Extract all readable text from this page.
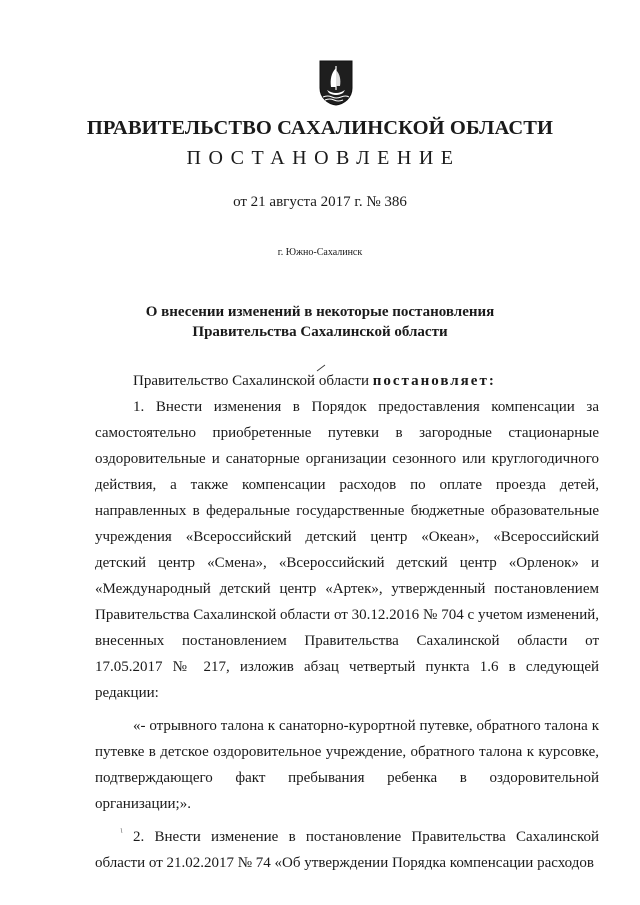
ПРАВИТЕЛЬСТВО САХАЛИНСКОЙ ОБЛАСТИ
ПОСТАНОВЛЕНИЕ
от 21 августа 2017 г. № 386
г. Южно-Сахалинск
О внесении изменений в некоторые постановления
Правительства Сахалинской области

Правительство Сахалинской области постановляет:

1. Внести изменения в Порядок предоставления компенсации за самостоятельно приобретенные путевки в загородные стационарные оздоровительные и санаторные организации сезонного или круглогодичного действия, а также компенсации расходов по оплате проезда детей, направленных в федеральные государственные бюджетные образовательные учреждения «Всероссийский детский центр «Океан», «Всероссийский детский центр «Смена», «Всероссийский детский центр «Орленок» и «Международный детский центр «Артек», утвержденный постановлением Правительства Сахалинской области от 30.12.2016 № 704 с учетом изменений, внесенных постановлением Правительства Сахалинской области от 17.05.2017 № 217, изложив абзац четвертый пункта 1.6 в следующей редакции:

«- отрывного талона к санаторно-курортной путевке, обратного талона к путевке в детское оздоровительное учреждение, обратного талона к курсовке, подтверждающего факт пребывания ребенка в оздоровительной организации;».

2. Внести изменение в постановление Правительства Сахалинской области от 21.02.2017 № 74 «Об утверждении Порядка компенсации расходов
